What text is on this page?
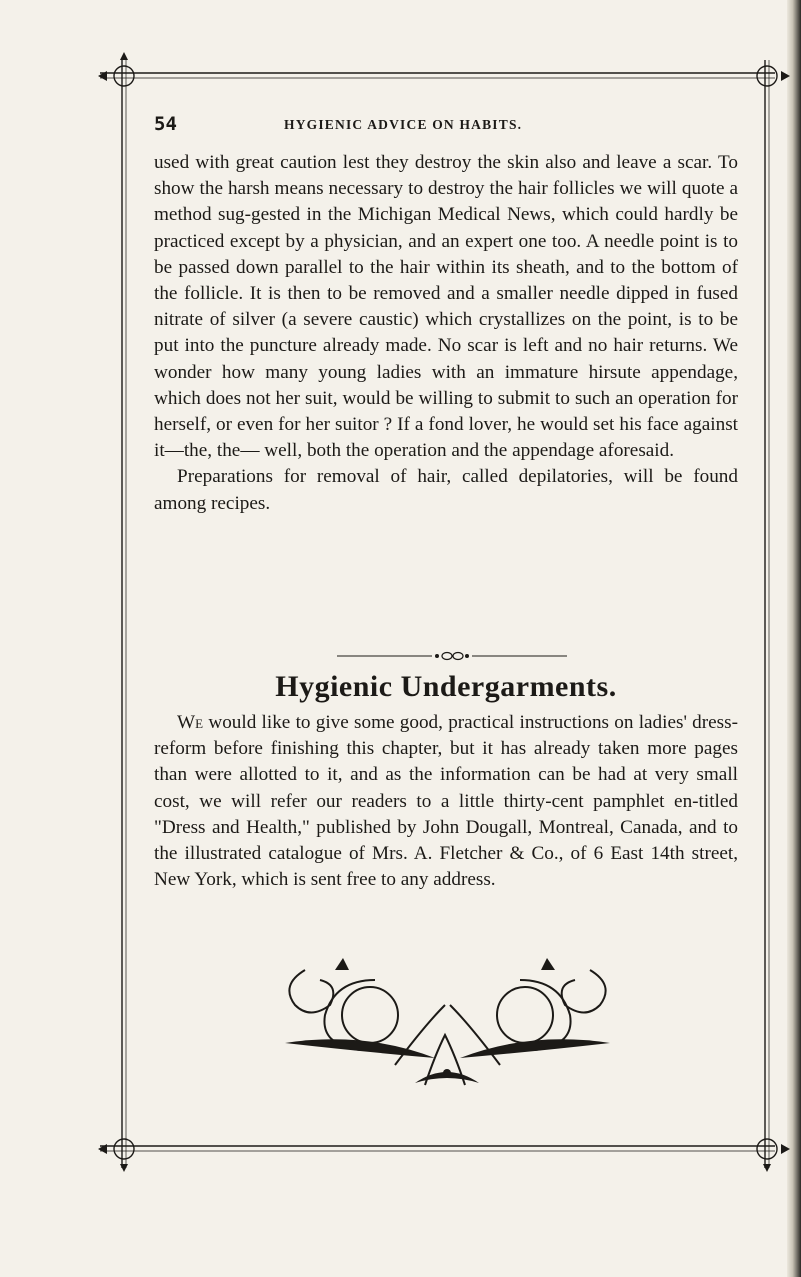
54	HYGIENIC ADVICE ON HABITS.

used with great caution lest they destroy the skin also and leave a scar. To show the harsh means necessary to destroy the hair follicles we will quote a method sug-gested in the Michigan Medical News, which could hardly be practiced except by a physician, and an expert one too. A needle point is to be passed down parallel to the hair within its sheath, and to the bottom of the follicle. It is then to be removed and a smaller needle dipped in fused nitrate of silver (a severe caustic) which crystallizes on the point, is to be put into the puncture already made. No scar is left and no hair returns. We wonder how many young ladies with an immature hirsute appendage, which does not her suit, would be willing to submit to such an operation for herself, or even for her suitor ? If a fond lover, he would set his face against it—the, the— well, both the operation and the appendage aforesaid.

Preparations for removal of hair, called depilatories, will be found among recipes.

Hygienic Undergarments.
We would like to give some good, practical instructions on ladies' dress-reform before finishing this chapter, but it has already taken more pages than were allotted to it, and as the information can be had at very small cost, we will refer our readers to a little thirty-cent pamphlet en-titled "Dress and Health," published by John Dougall, Montreal, Canada, and to the illustrated catalogue of Mrs. A. Fletcher & Co., of 6 East 14th street, New York, which is sent free to any address.
